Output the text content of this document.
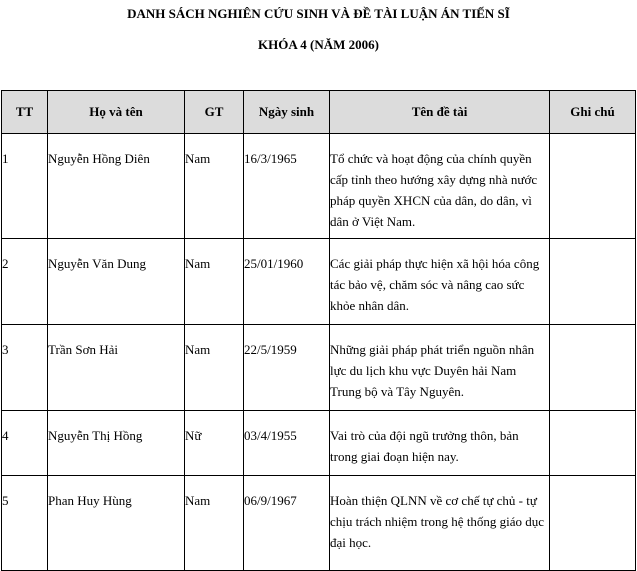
DANH SÁCH NGHIÊN CỨU SINH VÀ ĐỀ TÀI LUẬN ÁN TIẾN SĨ
KHÓA 4 (NĂM 2006)
TT	Họ và tên	GT	Ngày sinh	Tên đề tài	Ghi chú
1	Nguyễn Hồng Diên	Nam	16/3/1965	Tổ chức và hoạt động của chính quyền cấp tỉnh theo hướng xây dựng nhà nước pháp quyền XHCN của dân, do dân, vì dân ở Việt Nam.	
2	Nguyễn Văn Dung	Nam	25/01/1960	Các giải pháp thực hiện xã hội hóa công tác bảo vệ, chăm sóc và nâng cao sức khỏe nhân dân.	
3	Trần Sơn Hải	Nam	22/5/1959	Những giải pháp phát triển nguồn nhân lực du lịch khu vực Duyên hải Nam Trung bộ và Tây Nguyên.	
4	Nguyễn Thị Hồng	Nữ	03/4/1955	Vai trò của đội ngũ trưởng thôn, bản trong giai đoạn hiện nay.	
5	Phan Huy Hùng	Nam	06/9/1967	Hoàn thiện QLNN về cơ chế tự chủ - tự chịu trách nhiệm trong hệ thống giáo dục đại học.	
